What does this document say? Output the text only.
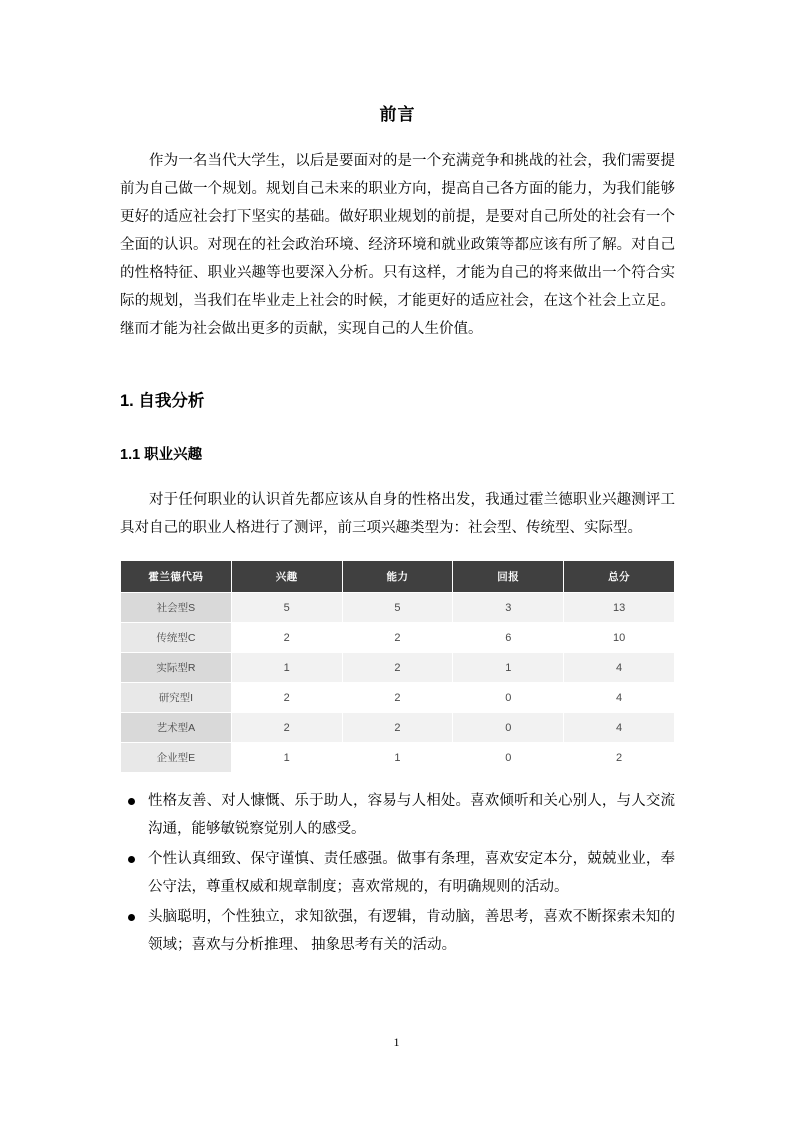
前言

作为一名当代大学生，以后是要面对的是一个充满竞争和挑战的社会，我们需要提前为自己做一个规划。规划自己未来的职业方向，提高自己各方面的能力，为我们能够更好的适应社会打下坚实的基础。做好职业规划的前提，是要对自己所处的社会有一个全面的认识。对现在的社会政治环境、经济环境和就业政策等都应该有所了解。对自己的性格特征、职业兴趣等也要深入分析。只有这样，才能为自己的将来做出一个符合实际的规划，当我们在毕业走上社会的时候，才能更好的适应社会，在这个社会上立足。继而才能为社会做出更多的贡献，实现自己的人生价值。

1. 自我分析
1.1 职业兴趣

对于任何职业的认识首先都应该从自身的性格出发，我通过霍兰德职业兴趣测评工具对自己的职业人格进行了测评，前三项兴趣类型为：社会型、传统型、实际型。

霍兰德代码	兴趣	能力	回报	总分
社会型S	5	5	3	13
传统型C	2	2	6	10
实际型R	1	2	1	4
研究型I	2	2	0	4
艺术型A	2	2	0	4
企业型E	1	1	0	2
性格友善、对人慷慨、乐于助人，容易与人相处。喜欢倾听和关心别人，与人交流沟通，能够敏锐察觉别人的感受。
个性认真细致、保守谨慎、责任感强。做事有条理，喜欢安定本分，兢兢业业，奉公守法，尊重权威和规章制度；喜欢常规的，有明确规则的活动。
头脑聪明，个性独立，求知欲强，有逻辑，肯动脑，善思考，喜欢不断探索未知的领域；喜欢与分析推理、 抽象思考有关的活动。
1
